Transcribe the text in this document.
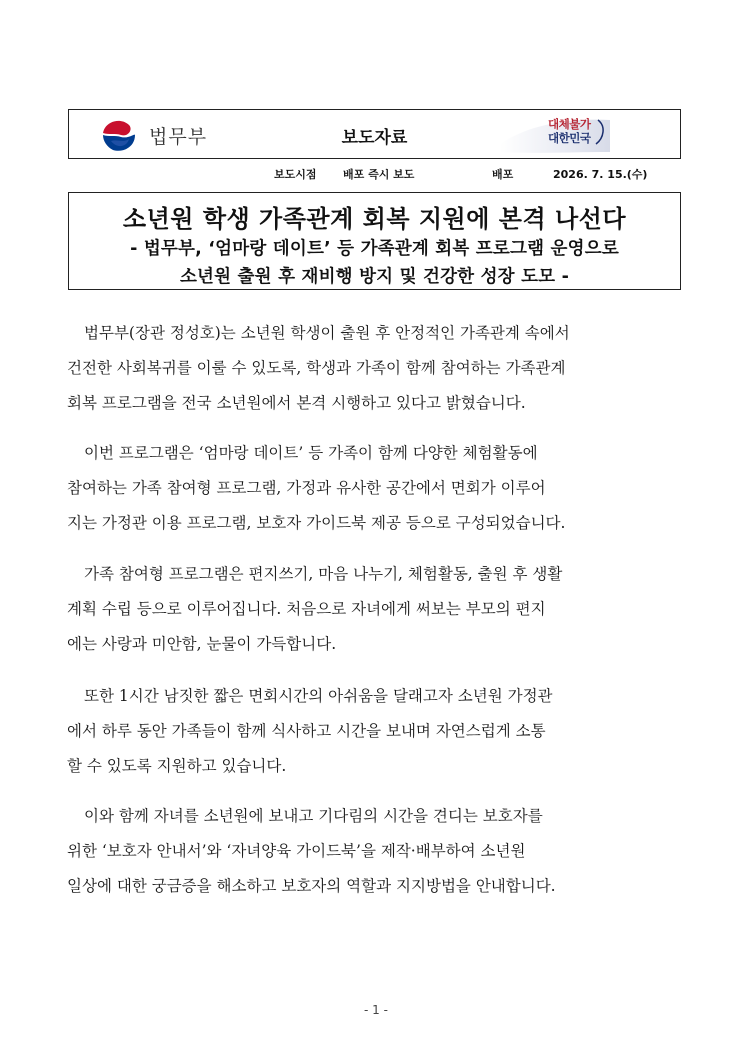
법무부	보도자료
대체불가
대한민국
보도시점 배포 즉시 보도	배포	2026. 7. 15.(수)
소년원 학생 가족관계 회복 지원에 본격 나선다
- 법무부, ‘엄마랑 데이트’ 등 가족관계 회복 프로그램 운영으로
소년원 출원 후 재비행 방지 및 건강한 성장 도모 -
법무부(장관 정성호)는 소년원 학생이 출원 후 안정적인 가족관계 속에서
건전한 사회복귀를 이룰 수 있도록, 학생과 가족이 함께 참여하는 가족관계
회복 프로그램을 전국 소년원에서 본격 시행하고 있다고 밝혔습니다.
이번 프로그램은 ‘엄마랑 데이트’ 등 가족이 함께 다양한 체험활동에
참여하는 가족 참여형 프로그램, 가정과 유사한 공간에서 면회가 이루어
지는 가정관 이용 프로그램, 보호자 가이드북 제공 등으로 구성되었습니다.
가족 참여형 프로그램은 편지쓰기, 마음 나누기, 체험활동, 출원 후 생활
계획 수립 등으로 이루어집니다. 처음으로 자녀에게 써보는 부모의 편지
에는 사랑과 미안함, 눈물이 가득합니다.
또한 1시간 남짓한 짧은 면회시간의 아쉬움을 달래고자 소년원 가정관
에서 하루 동안 가족들이 함께 식사하고 시간을 보내며 자연스럽게 소통
할 수 있도록 지원하고 있습니다.
이와 함께 자녀를 소년원에 보내고 기다림의 시간을 견디는 보호자를
위한 ‘보호자 안내서’와 ‘자녀양육 가이드북’을 제작·배부하여 소년원
일상에 대한 궁금증을 해소하고 보호자의 역할과 지지방법을 안내합니다.
- 1 -
